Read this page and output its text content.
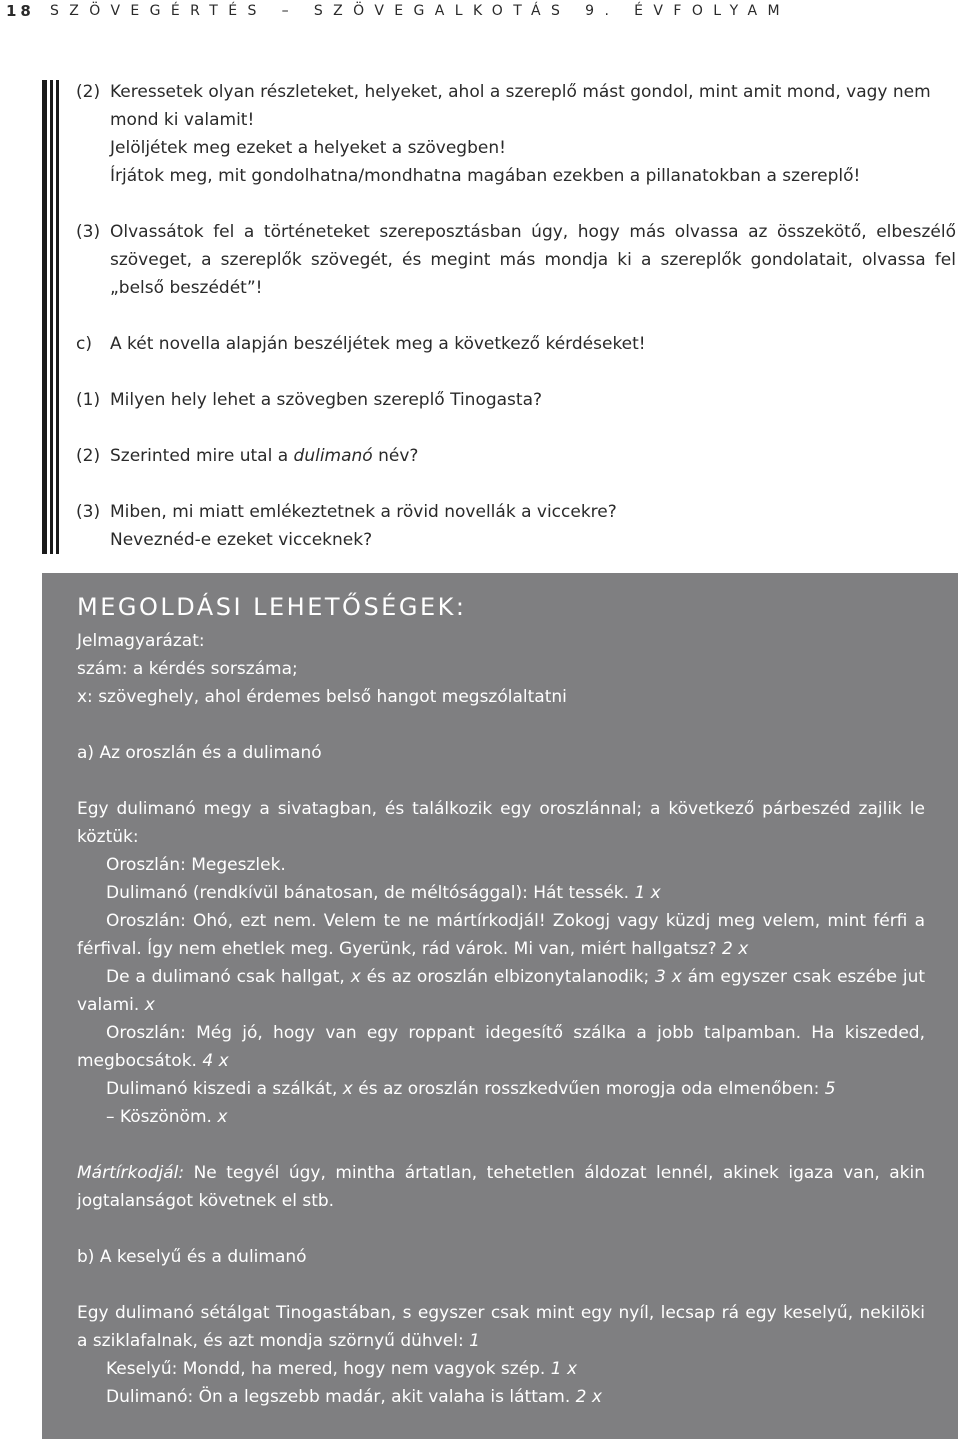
18 SZÖVEGÉRTÉS – SZÖVEGALKOTÁS 9. ÉVFOLYAM
(2) Keressetek olyan részleteket, helyeket, ahol a szereplő mást gondol, mint amit mond, vagy nem mond ki valamit!

Jelöljétek meg ezeket a helyeket a szövegben!

Írjátok meg, mit gondolhatna/mondhatna magában ezekben a pillanatokban a szereplő!

(3) Olvassátok fel a történeteket szereposztásban úgy, hogy más olvassa az összekötő, elbeszélő szöveget, a szereplők szövegét, és megint más mondja ki a szereplők gondolatait, olvassa fel „belső beszédét”!

c) A két novella alapján beszéljétek meg a következő kérdéseket!

(1) Milyen hely lehet a szövegben szereplő Tinogasta?

(2) Szerinted mire utal a dulimanó név?

(3) Miben, mi miatt emlékeztetnek a rövid novellák a viccekre?

Neveznéd-e ezeket vicceknek?

MEGOLDÁSI LEHETŐSÉGEK:

Jelmagyarázat:

szám: a kérdés sorszáma;

x: szöveghely, ahol érdemes belső hangot megszólaltatni

a) Az oroszlán és a dulimanó

Egy dulimanó megy a sivatagban, és találkozik egy oroszlánnal; a következő párbeszéd zajlik le köztük:

Oroszlán: Megeszlek.

Dulimanó (rendkívül bánatosan, de méltósággal): Hát tessék. 1 x

Oroszlán: Ohó, ezt nem. Velem te ne mártírkodjál! Zokogj vagy küzdj meg velem, mint férfi a férfival. Így nem ehetlek meg. Gyerünk, rád várok. Mi van, miért hallgatsz? 2 x

De a dulimanó csak hallgat, x és az oroszlán elbizonytalanodik; 3 x ám egyszer csak eszébe jut valami. x

Oroszlán: Még jó, hogy van egy roppant idegesítő szálka a jobb talpamban. Ha kiszeded, megbocsátok. 4 x

Dulimanó kiszedi a szálkát, x és az oroszlán rosszkedvűen morogja oda elmenőben: 5

– Köszönöm. x

Mártírkodjál: Ne tegyél úgy, mintha ártatlan, tehetetlen áldozat lennél, akinek igaza van, akin jogtalanságot követnek el stb.

b) A keselyű és a dulimanó

Egy dulimanó sétálgat Tinogastában, s egyszer csak mint egy nyíl, lecsap rá egy keselyű, nekilöki a sziklafalnak, és azt mondja szörnyű dühvel: 1

Keselyű: Mondd, ha mered, hogy nem vagyok szép. 1 x

Dulimanó: Ön a legszebb madár, akit valaha is láttam. 2 x
